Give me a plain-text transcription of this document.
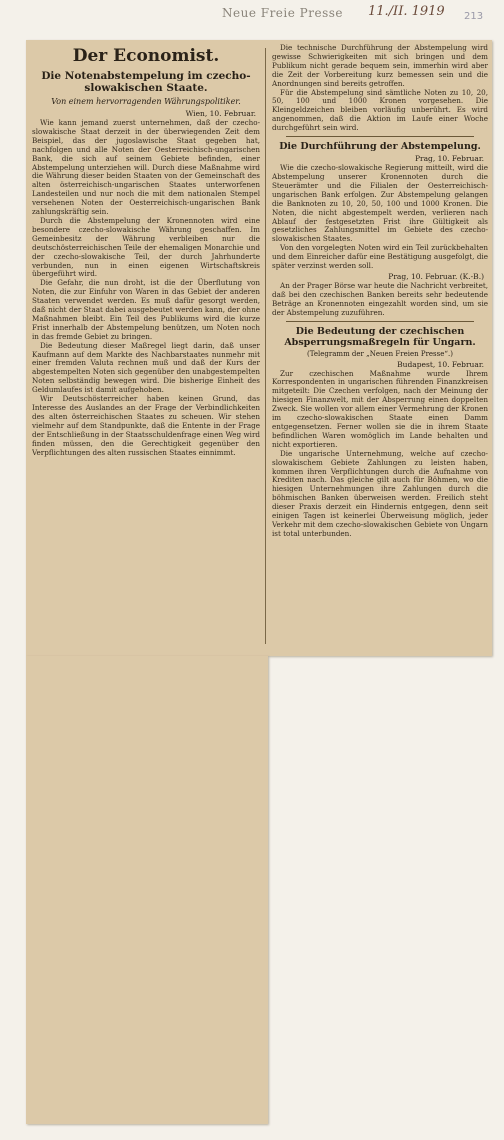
Neue Freie Presse 11./II. 1919 213
Der Economist.
Die Notenabstempelung im czecho-slowakischen Staate.
Von einem hervorragenden Währungspolitiker.
Wien, 10. Februar.

Wie kann jemand zuerst unternehmen, daß der czecho-slowakische Staat derzeit in der überwiegenden Zeit dem Beispiel, das der jugoslawische Staat gegeben hat, nachfolgen und alle Noten der Oesterreichisch-ungarischen Bank, die sich auf seinem Gebiete befinden, einer Abstempelung unterziehen will. Durch diese Maßnahme wird die Währung dieser beiden Staaten von der Gemeinschaft des alten österreichisch-ungarischen Staates unterworfenen Landesteilen und nur noch die mit dem nationalen Stempel versehenen Noten der Oesterreichisch-ungarischen Bank zahlungskräftig sein.

Durch die Abstempelung der Kronennoten wird eine besondere czecho-slowakische Währung geschaffen. Im Gemeinbesitz der Währung verbleiben nur die deutschösterreichischen Teile der ehemaligen Monarchie und der czecho-slowakische Teil, der durch Jahrhunderte verbunden, nun in einen eigenen Wirtschaftskreis übergeführt wird.

Die Gefahr, die nun droht, ist die der Überflutung von Noten, die zur Einfuhr von Waren in das Gebiet der anderen Staaten verwendet werden. Es muß dafür gesorgt werden, daß nicht der Staat dabei ausgebeutet werden kann, der ohne Maßnahmen bleibt. Ein Teil des Publikums wird die kurze Frist innerhalb der Abstempelung benützen, um Noten noch in das fremde Gebiet zu bringen.

Die Bedeutung dieser Maßregel liegt darin, daß unser Kaufmann auf dem Markte des Nachbarstaates nunmehr mit einer fremden Valuta rechnen muß und daß der Kurs der abgestempelten Noten sich gegenüber den unabgestempelten Noten selbständig bewegen wird. Die bisherige Einheit des Geldumlaufes ist damit aufgehoben.

Wir Deutschösterreicher haben keinen Grund, das Interesse des Auslandes an der Frage der Verbindlichkeiten des alten österreichischen Staates zu scheuen. Wir stehen vielmehr auf dem Standpunkte, daß die Entente in der Frage der Entschließung in der Staatsschuldenfrage einen Weg wird finden müssen, den die Gerechtigkeit gegenüber den Verpflichtungen des alten russischen Staates einnimmt.

Die technische Durchführung der Abstempelung wird gewisse Schwierigkeiten mit sich bringen und dem Publikum nicht gerade bequem sein, immerhin wird aber die Zeit der Vorbereitung kurz bemessen sein und die Anordnungen sind bereits getroffen.

Für die Abstempelung sind sämtliche Noten zu 10, 20, 50, 100 und 1000 Kronen vorgesehen. Die Kleingeldzeichen bleiben vorläufig unberührt. Es wird angenommen, daß die Aktion im Laufe einer Woche durchgeführt sein wird.

Die Durchführung der Abstempelung.
Prag, 10. Februar.

Wie die czecho-slowakische Regierung mitteilt, wird die Abstempelung unserer Kronennoten durch die Steuerämter und die Filialen der Oesterreichisch-ungarischen Bank erfolgen. Zur Abstempelung gelangen die Banknoten zu 10, 20, 50, 100 und 1000 Kronen. Die Noten, die nicht abgestempelt werden, verlieren nach Ablauf der festgesetzten Frist ihre Gültigkeit als gesetzliches Zahlungsmittel im Gebiete des czecho-slowakischen Staates.

Von den vorgelegten Noten wird ein Teil zurückbehalten und dem Einreicher dafür eine Bestätigung ausgefolgt, die später verzinst werden soll.

Prag, 10. Februar. (K.-B.)

An der Prager Börse war heute die Nachricht verbreitet, daß bei den czechischen Banken bereits sehr bedeutende Beträge an Kronennoten eingezahlt worden sind, um sie der Abstempelung zuzuführen.

Die Bedeutung der czechischen Absperrungsmaßregeln für Ungarn.
(Telegramm der „Neuen Freien Presse“.)
Budapest, 10. Februar.

Zur czechischen Maßnahme wurde Ihrem Korrespondenten in ungarischen führenden Finanzkreisen mitgeteilt: Die Czechen verfolgen, nach der Meinung der hiesigen Finanzwelt, mit der Absperrung einen doppelten Zweck. Sie wollen vor allem einer Vermehrung der Kronen im czecho-slowakischen Staate einen Damm entgegensetzen. Ferner wollen sie die in ihrem Staate befindlichen Waren womöglich im Lande behalten und nicht exportieren.

Die ungarische Unternehmung, welche auf czecho-slowakischem Gebiete Zahlungen zu leisten haben, kommen ihren Verpflichtungen durch die Aufnahme von Krediten nach. Das gleiche gilt auch für Böhmen, wo die hiesigen Unternehmungen ihre Zahlungen durch die böhmischen Banken überweisen werden. Freilich steht dieser Praxis derzeit ein Hindernis entgegen, denn seit einigen Tagen ist keinerlei Überweisung möglich, jeder Verkehr mit dem czecho-slowakischen Gebiete von Ungarn ist total unterbunden.
